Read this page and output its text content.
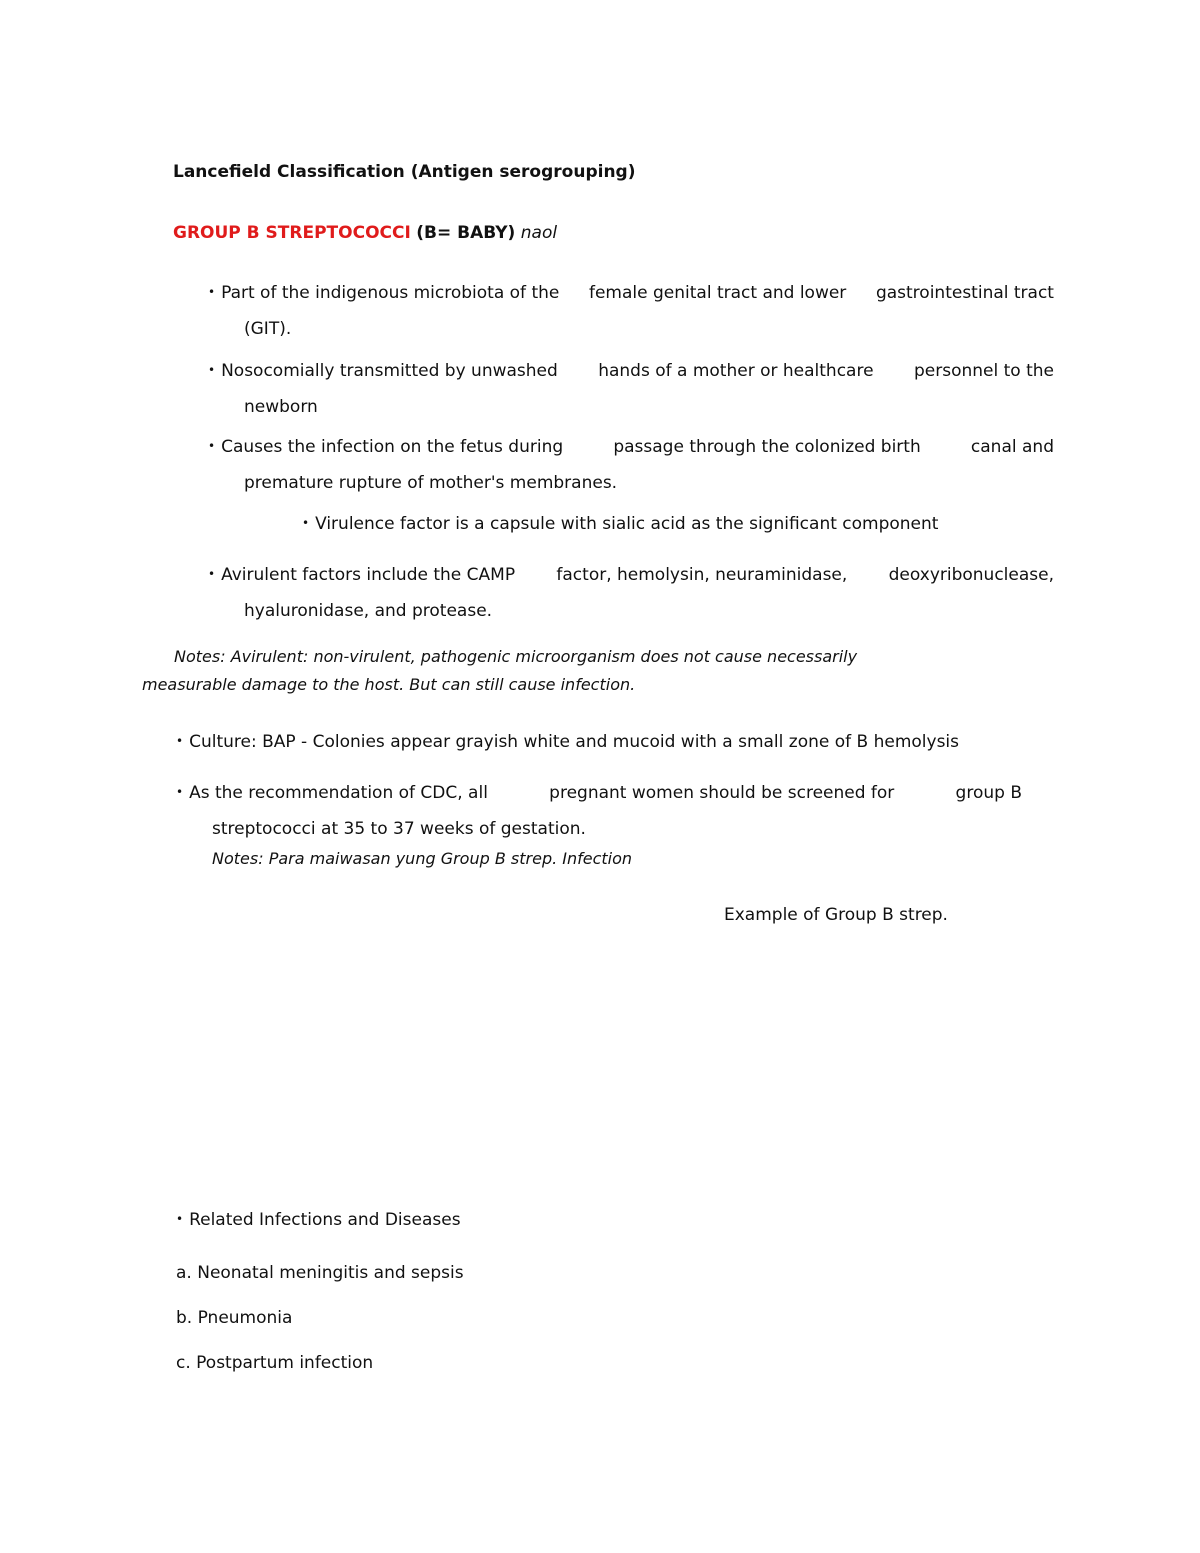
Lancefield Classification (Antigen serogrouping)
GROUP B STREPTOCOCCI (B= BABY) naol
• Part of the indigenous microbiota of the female genital tract and lower gastrointestinal tract
(GIT).
• Nosocomially transmitted by unwashed hands of a mother or healthcare personnel to the
newborn
• Causes the infection on the fetus during	passage through the colonized birth	canal and
premature rupture of mother's membranes.
• Virulence factor is a capsule with sialic acid as the significant component
• Avirulent factors include the CAMP factor, hemolysin, neuraminidase, deoxyribonuclease,
hyaluronidase, and protease.
Notes: Avirulent: non-virulent, pathogenic microorganism does not cause necessarily
measurable damage to the host. But can still cause infection.
• Culture: BAP - Colonies appear grayish white and mucoid with a small zone of B hemolysis
• As the recommendation of CDC, all	pregnant women should be screened for	group B
streptococci at 35 to 37 weeks of gestation.
Notes: Para maiwasan yung Group B strep. Infection
Example of Group B strep.
• Related Infections and Diseases
a. Neonatal meningitis and sepsis
b. Pneumonia
c. Postpartum infection
